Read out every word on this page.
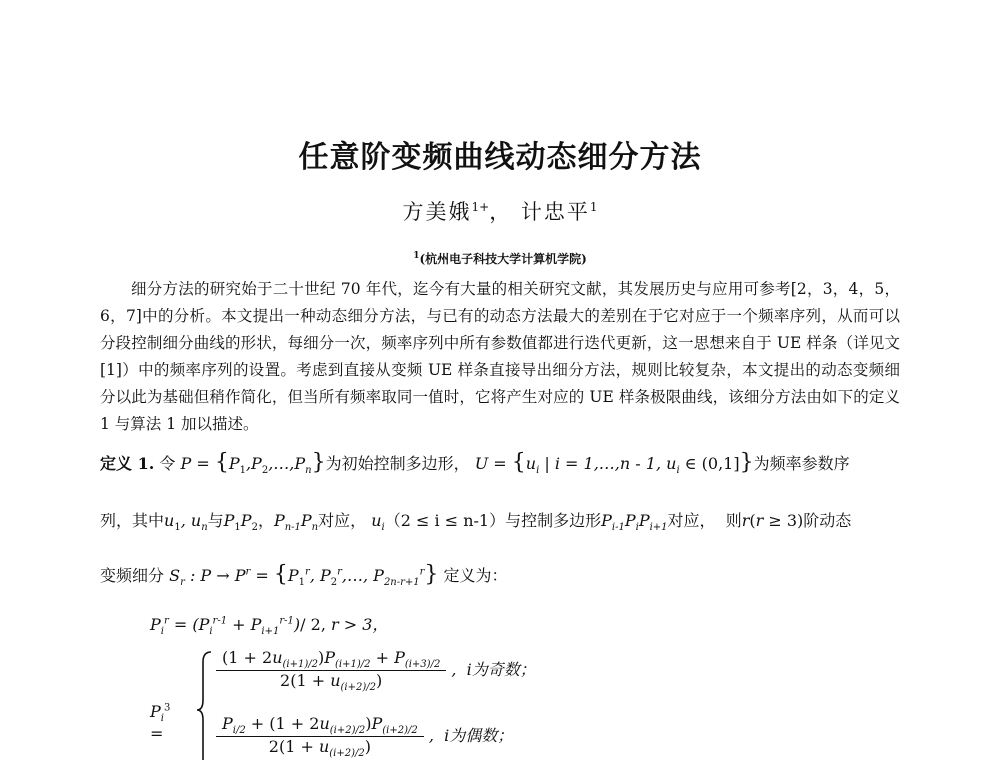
任意阶变频曲线动态细分方法
方美娥$^{1+}$， 计忠平$^1$
$^1$(杭州电子科技大学计算机学院)
细分方法的研究始于二十世纪 70 年代，迄今有大量的相关研究文献，其发展历史与应用可参考[2，3，4，5，6，7]中的分析。本文提出一种动态细分方法，与已有的动态方法最大的差别在于它对应于一个频率序列，从而可以分段控制细分曲线的形状，每细分一次，频率序列中所有参数值都进行迭代更新，这一思想来自于 UE 样条（详见文[1]）中的频率序列的设置。考虑到直接从变频 UE 样条直接导出细分方法，规则比较复杂，本文提出的动态变频细分以此为基础但稍作简化，但当所有频率取同一值时，它将产生对应的 UE 样条极限曲线，该细分方法由如下的定义 1 与算法 1 加以描述。
定义 1. 令 $P = \{P_1,P_2,\dots,P_n\}$为初始控制多边形， $U = \{u_i$ | i = 1,…,n - 1, $u_i$ ∈ (0,1]}为频率参数序
列，其中$u_1$, $u_n$与$P_1P_2$，$P_{n-1}P_n$对应， $u_i(2 \le i \le n-1)$与控制多边形$P_{i-1}P_iP_{i+1}$对应， 则r(r ≥ 3)阶动态
变频细分 $S_r$ : $P \to P^r = \{P_1^r$, $P_2^r,\dots$, $P_{2n-r+1}^r$} 定义为：
$P_i^r = (P_i^{r-1} + P_{i+1}^{r-1})/$ 2, r > 3，
$P_i^3$ =
$\frac{(1 + 2u_{(i+1)/2})P_{(i+1)/2} + P_{(i+3)/2}}{2(1 + u_{(i+2)/2})}$ , i为奇数；
$\frac{P_{i/2} + (1 + 2u_{(i+2)/2})P_{(i+2)/2}}{2(1 + u_{(i+2)/2})}$ , i为偶数；
